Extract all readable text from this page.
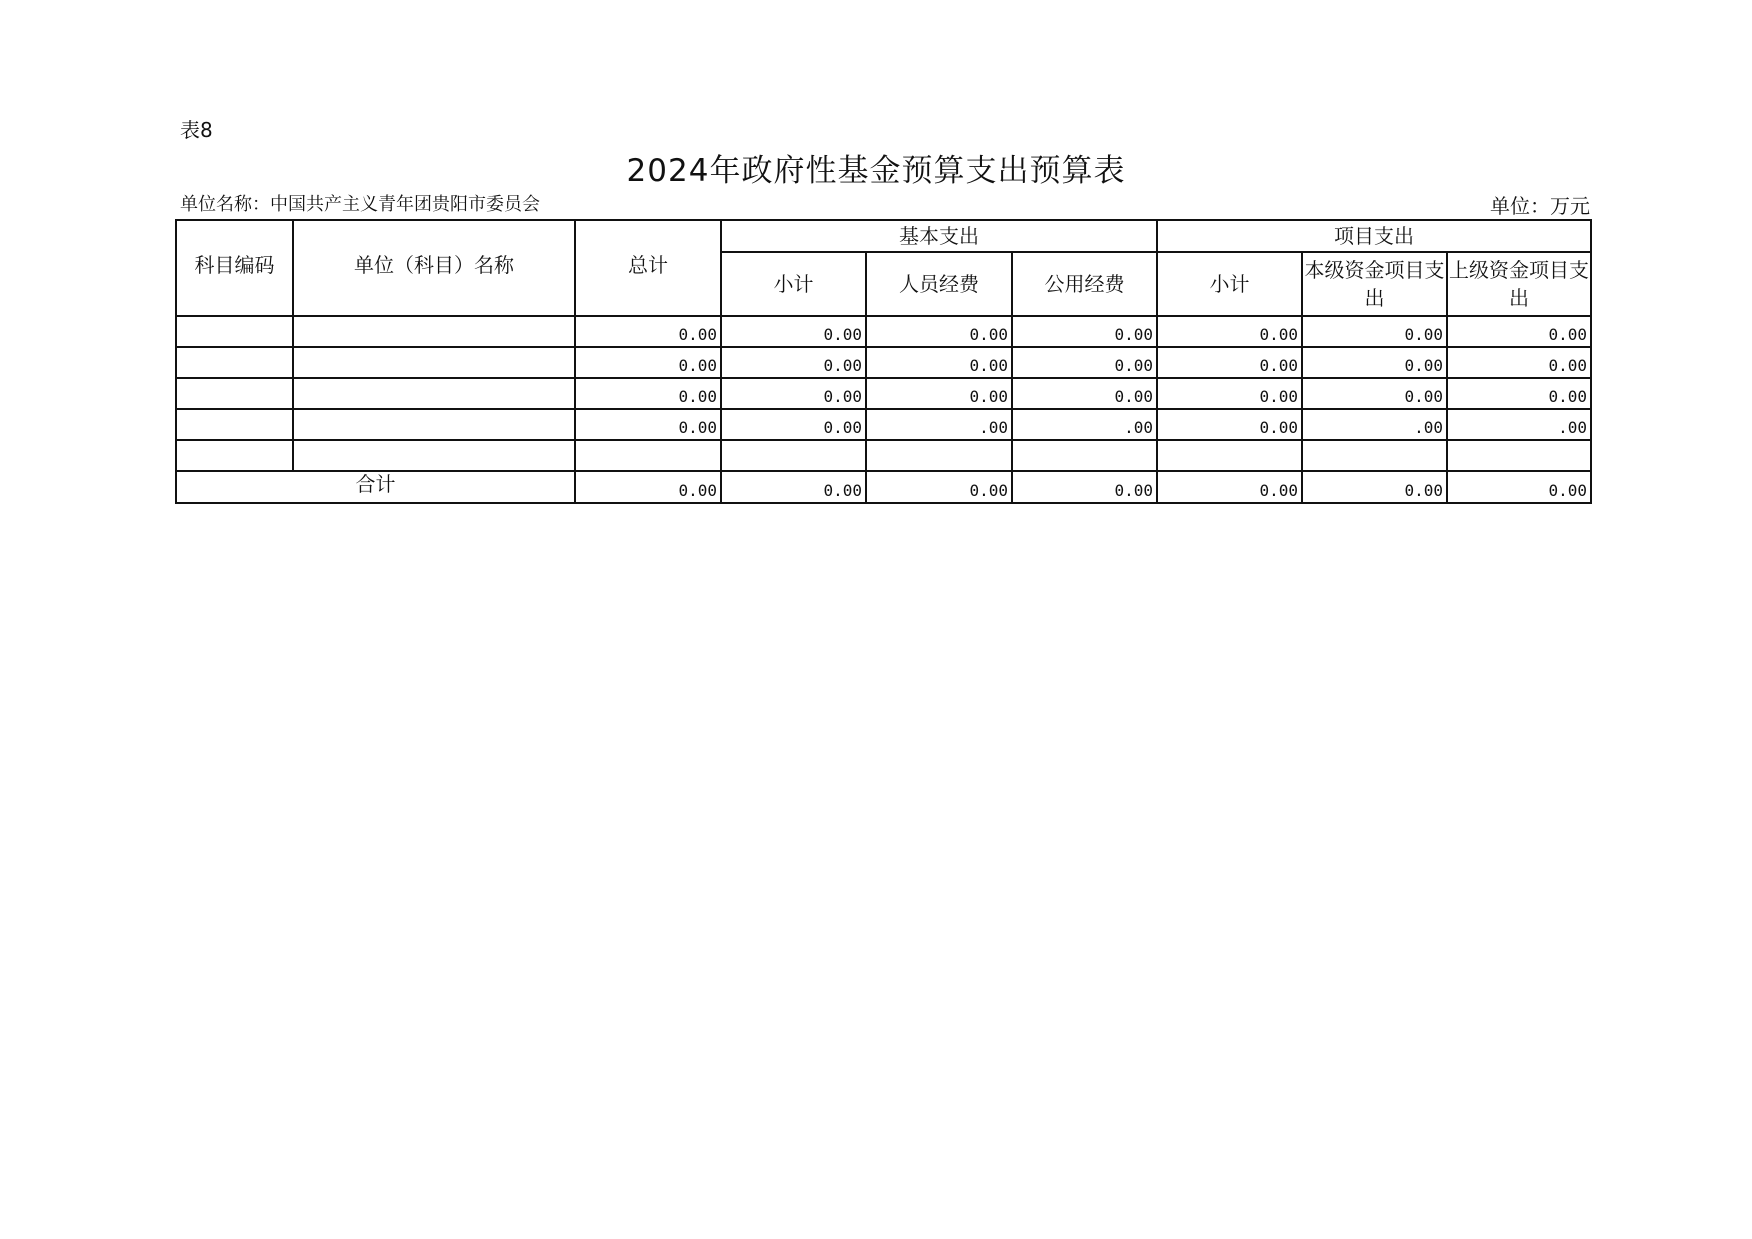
表8
2024年政府性基金预算支出预算表
单位名称：中国共产主义青年团贵阳市委员会	单位：万元
科目编码	单位（科目）名称	总计	基本支出			项目支出		
			小计	人员经费	公用经费	小计	本级资金项目支出	上级资金项目支出
		0.00	0.00	0.00	0.00	0.00	0.00	0.00
		0.00	0.00	0.00	0.00	0.00	0.00	0.00
		0.00	0.00	0.00	0.00	0.00	0.00	0.00
		0.00	0.00	.00	.00	0.00	.00	.00

合计		0.00	0.00	0.00	0.00	0.00	0.00	0.00
